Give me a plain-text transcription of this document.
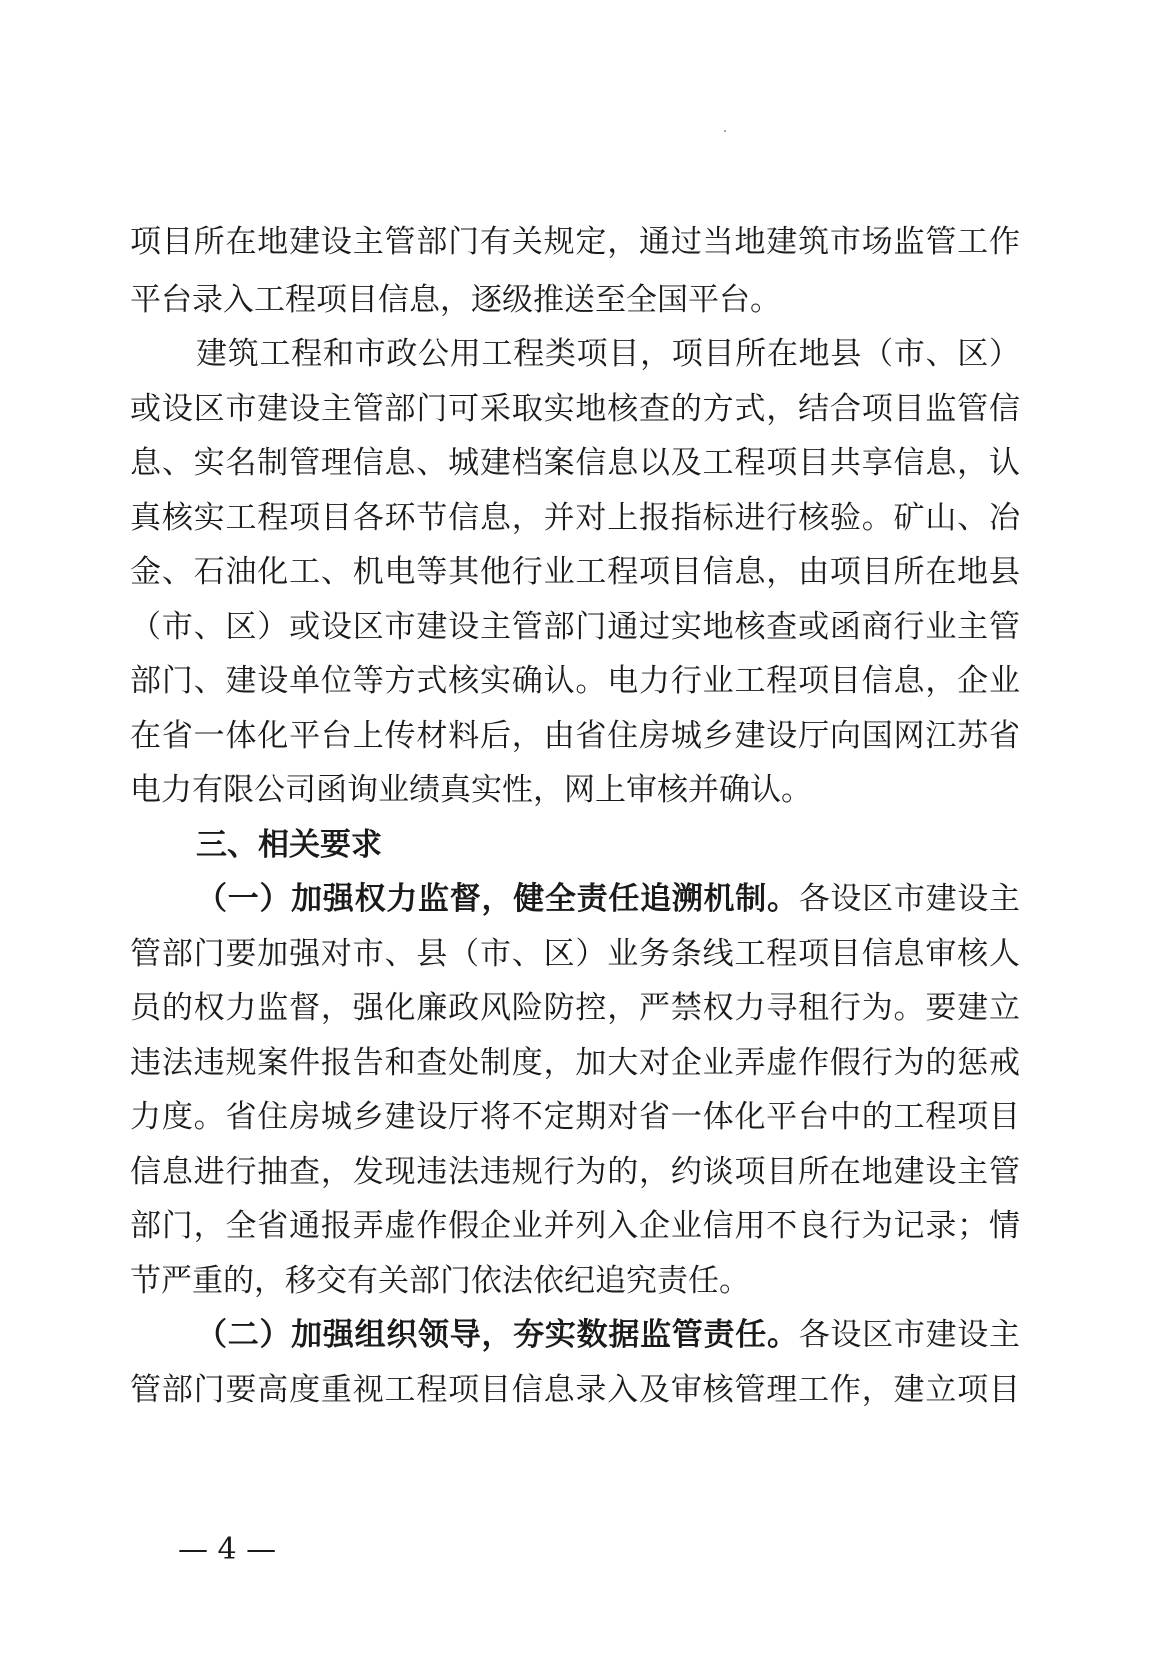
项目所在地建设主管部门有关规定，通过当地建筑市场监管工作
平台录入工程项目信息，逐级推送至全国平台。
建筑工程和市政公用工程类项目，项目所在地县（市、区）
或设区市建设主管部门可采取实地核查的方式，结合项目监管信
息、实名制管理信息、城建档案信息以及工程项目共享信息，认
真核实工程项目各环节信息，并对上报指标进行核验。矿山、冶
金、石油化工、机电等其他行业工程项目信息，由项目所在地县
（市、区）或设区市建设主管部门通过实地核查或函商行业主管
部门、建设单位等方式核实确认。电力行业工程项目信息，企业
在省一体化平台上传材料后，由省住房城乡建设厅向国网江苏省
电力有限公司函询业绩真实性，网上审核并确认。
三、相关要求
（一）加强权力监督，健全责任追溯机制。各设区市建设主
管部门要加强对市、县（市、区）业务条线工程项目信息审核人
员的权力监督，强化廉政风险防控，严禁权力寻租行为。要建立
违法违规案件报告和查处制度，加大对企业弄虚作假行为的惩戒
力度。省住房城乡建设厅将不定期对省一体化平台中的工程项目
信息进行抽查，发现违法违规行为的，约谈项目所在地建设主管
部门，全省通报弄虚作假企业并列入企业信用不良行为记录；情
节严重的，移交有关部门依法依纪追究责任。
（二）加强组织领导，夯实数据监管责任。各设区市建设主
管部门要高度重视工程项目信息录入及审核管理工作，建立项目
— 4 —
